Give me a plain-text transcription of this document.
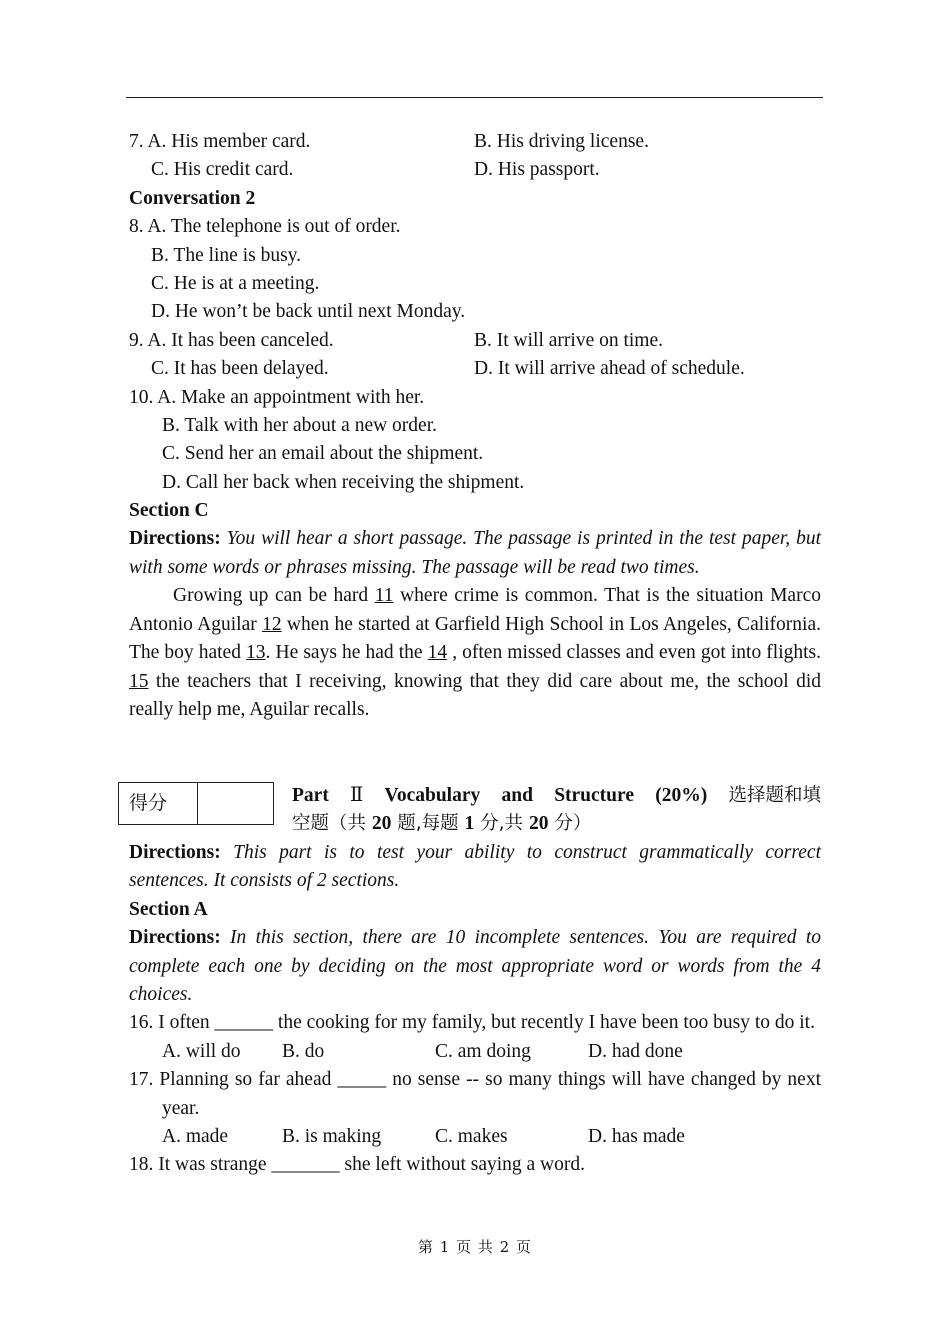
7. A. His member card.	B. His driving license.
C. His credit card.	D. His passport.
Conversation 2
8. A. The telephone is out of order.
B. The line is busy.
C. He is at a meeting.
D. He won’t be back until next Monday.
9. A. It has been canceled.	B. It will arrive on time.
C. It has been delayed.	D. It will arrive ahead of schedule.
10. A. Make an appointment with her.
B. Talk with her about a new order.
C. Send her an email about the shipment.
D. Call her back when receiving the shipment.
Section C
Directions: You will hear a short passage. The passage is printed in the test paper, but with some words or phrases missing. The passage will be read two times.
Growing up can be hard 11 where crime is common. That is the situation Marco Antonio Aguilar 12 when he started at Garfield High School in Los Angeles, California. The boy hated 13. He says he had the 14 , often missed classes and even got into flights. 15 the teachers that I receiving, knowing that they did care about me, the school did really help me, Aguilar recalls.
得分	Part Ⅱ Vocabulary and Structure (20%) 选择题和填
空题（共 20 题,每题 1 分,共 20 分）
Directions: This part is to test your ability to construct grammatically correct sentences. It consists of 2 sections.
Section A
Directions: In this section, there are 10 incomplete sentences. You are required to complete each one by deciding on the most appropriate word or words from the 4 choices.
16. I often ______ the cooking for my family, but recently I have been too busy to do it.
A. will do B. do	C. am doing	D. had done
17. Planning so far ahead _____ no sense -- so many things will have changed by next year.
A. made	B. is making	C. makes	D. has made
18. It was strange _______ she left without saying a word.
第 1 页 共 2 页
